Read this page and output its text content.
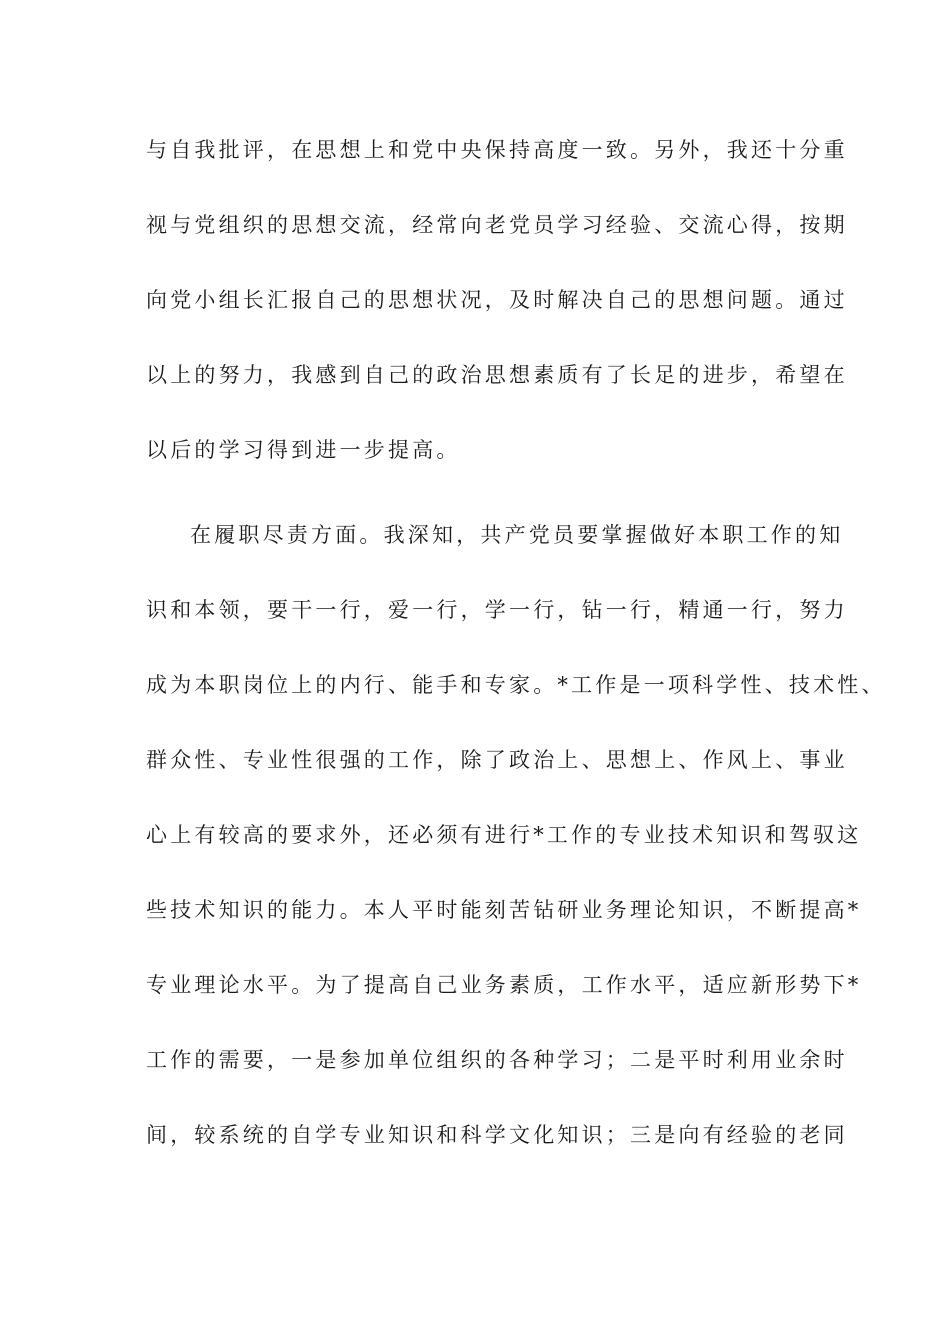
与自我批评，在思想上和党中央保持高度一致。另外，我还十分重
视与党组织的思想交流，经常向老党员学习经验、交流心得，按期
向党小组长汇报自己的思想状况，及时解决自己的思想问题。通过
以上的努力，我感到自己的政治思想素质有了长足的进步，希望在
以后的学习得到进一步提高。
在履职尽责方面。我深知，共产党员要掌握做好本职工作的知
识和本领，要干一行，爱一行，学一行，钻一行，精通一行，努力
成为本职岗位上的内行、能手和专家。*工作是一项科学性、技术性、
群众性、专业性很强的工作，除了政治上、思想上、作风上、事业
心上有较高的要求外，还必须有进行*工作的专业技术知识和驾驭这
些技术知识的能力。本人平时能刻苦钻研业务理论知识，不断提高*
专业理论水平。为了提高自己业务素质，工作水平，适应新形势下*
工作的需要，一是参加单位组织的各种学习；二是平时利用业余时
间，较系统的自学专业知识和科学文化知识；三是向有经验的老同
